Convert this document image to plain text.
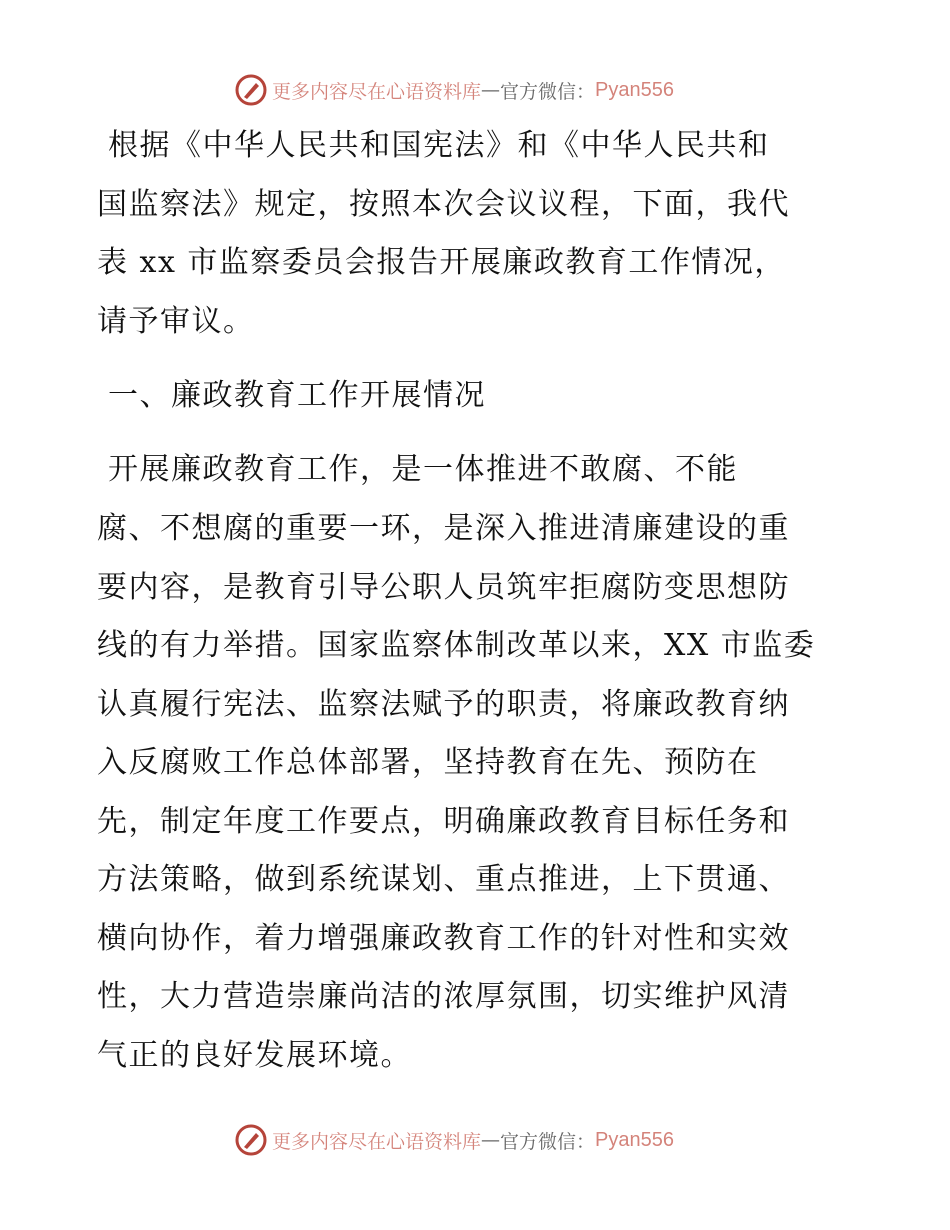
更多内容尽在心语资料库 — 官方微信： Pyan556
根据《中华人民共和国宪法》和《中华人民共和
国监察法》规定，按照本次会议议程，下面，我代
表 xx 市监察委员会报告开展廉政教育工作情况，
请予审议。
一、廉政教育工作开展情况
开展廉政教育工作，是一体推进不敢腐、不能
腐、不想腐的重要一环，是深入推进清廉建设的重
要内容，是教育引导公职人员筑牢拒腐防变思想防
线的有力举措。国家监察体制改革以来，XX 市监委
认真履行宪法、监察法赋予的职责，将廉政教育纳
入反腐败工作总体部署，坚持教育在先、预防在
先，制定年度工作要点，明确廉政教育目标任务和
方法策略，做到系统谋划、重点推进，上下贯通、
横向协作，着力增强廉政教育工作的针对性和实效
性，大力营造崇廉尚洁的浓厚氛围，切实维护风清
气正的良好发展环境。
更多内容尽在心语资料库 — 官方微信： Pyan556
